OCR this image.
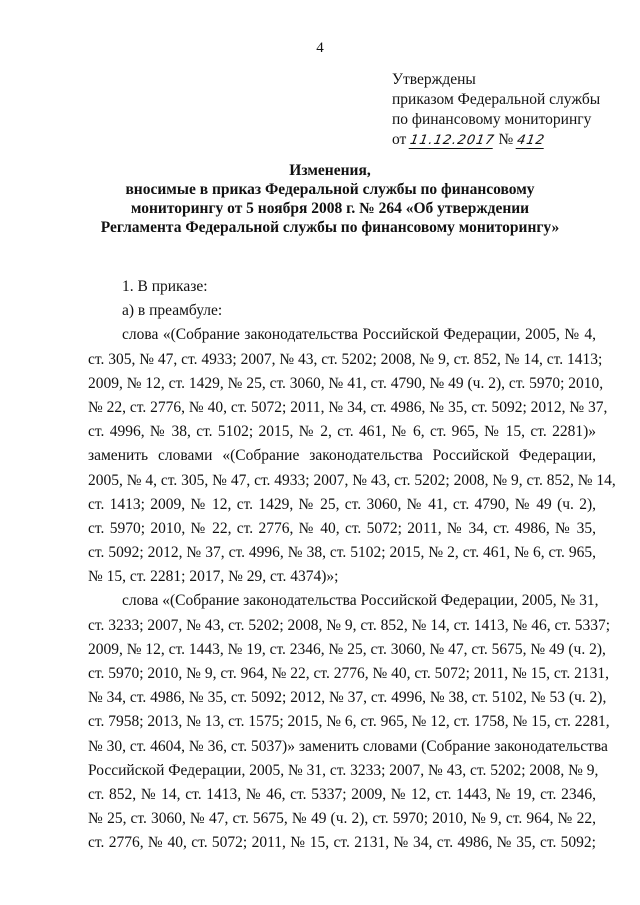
4
Утверждены
приказом Федеральной службы
по финансовому мониторингу
от 11.12.2017 № 412
Изменения,
вносимые в приказ Федеральной службы по финансовому
мониторингу от 5 ноября 2008 г. № 264 «Об утверждении
Регламента Федеральной службы по финансовому мониторингу»
1. В приказе:
а) в преамбуле:
слова «(Собрание законодательства Российской Федерации, 2005, № 4,
ст. 305, № 47, ст. 4933; 2007, № 43, ст. 5202; 2008, № 9, ст. 852, № 14, ст. 1413;
2009, № 12, ст. 1429, № 25, ст. 3060, № 41, ст. 4790, № 49 (ч. 2), ст. 5970; 2010,
№ 22, ст. 2776, № 40, ст. 5072; 2011, № 34, ст. 4986, № 35, ст. 5092; 2012, № 37,
ст. 4996, № 38, ст. 5102; 2015, № 2, ст. 461, № 6, ст. 965, № 15, ст. 2281)»
заменить словами «(Собрание законодательства Российской Федерации,
2005, № 4, ст. 305, № 47, ст. 4933; 2007, № 43, ст. 5202; 2008, № 9, ст. 852, № 14,
ст. 1413; 2009, № 12, ст. 1429, № 25, ст. 3060, № 41, ст. 4790, № 49 (ч. 2),
ст. 5970; 2010, № 22, ст. 2776, № 40, ст. 5072; 2011, № 34, ст. 4986, № 35,
ст. 5092; 2012, № 37, ст. 4996, № 38, ст. 5102; 2015, № 2, ст. 461, № 6, ст. 965,
№ 15, ст. 2281; 2017, № 29, ст. 4374)»;
слова «(Собрание законодательства Российской Федерации, 2005, № 31,
ст. 3233; 2007, № 43, ст. 5202; 2008, № 9, ст. 852, № 14, ст. 1413, № 46, ст. 5337;
2009, № 12, ст. 1443, № 19, ст. 2346, № 25, ст. 3060, № 47, ст. 5675, № 49 (ч. 2),
ст. 5970; 2010, № 9, ст. 964, № 22, ст. 2776, № 40, ст. 5072; 2011, № 15, ст. 2131,
№ 34, ст. 4986, № 35, ст. 5092; 2012, № 37, ст. 4996, № 38, ст. 5102, № 53 (ч. 2),
ст. 7958; 2013, № 13, ст. 1575; 2015, № 6, ст. 965, № 12, ст. 1758, № 15, ст. 2281,
№ 30, ст. 4604, № 36, ст. 5037)» заменить словами (Собрание законодательства
Российской Федерации, 2005, № 31, ст. 3233; 2007, № 43, ст. 5202; 2008, № 9,
ст. 852, № 14, ст. 1413, № 46, ст. 5337; 2009, № 12, ст. 1443, № 19, ст. 2346,
№ 25, ст. 3060, № 47, ст. 5675, № 49 (ч. 2), ст. 5970; 2010, № 9, ст. 964, № 22,
ст. 2776, № 40, ст. 5072; 2011, № 15, ст. 2131, № 34, ст. 4986, № 35, ст. 5092;
